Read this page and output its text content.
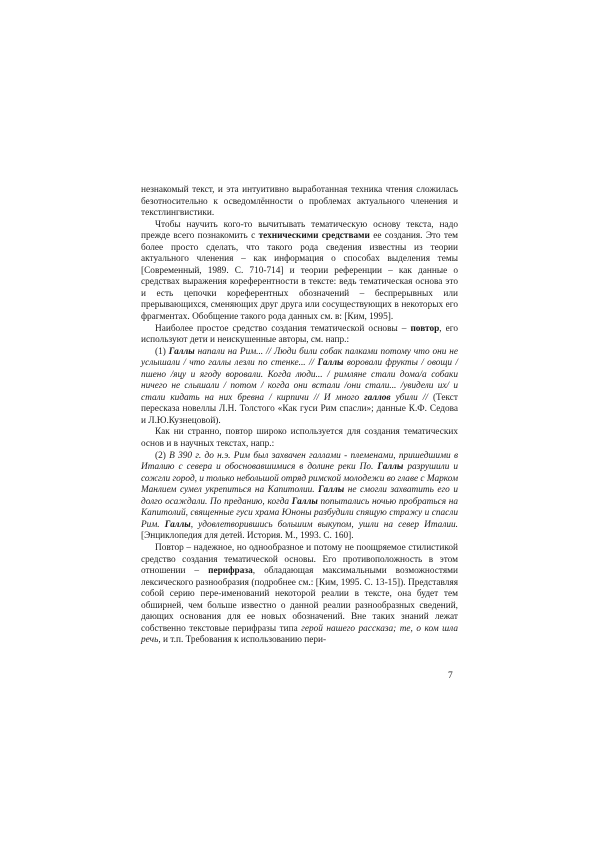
незнакомый текст, и эта интуитивно выработанная техника чтения сложилась безотносительно к осведомлённости о проблемах актуального членения и текстлингвистики.

Чтобы научить кого-то вычитывать тематическую основу текста, надо прежде всего познакомить с техническими средствами ее создания. Это тем более просто сделать, что такого рода сведения известны из теории актуального членения – как информация о способах выделения темы [Современный, 1989. С. 710-714] и теории референции – как данные о средствах выражения кореферентности в тексте: ведь тематическая основа это и есть цепочки кореферентных обозначений – беспрерывных или прерывающихся, сменяющих друг друга или сосуществующих в некоторых его фрагментах. Обобщение такого рода данных см. в: [Ким, 1995].

Наиболее простое средство создания тематической основы – повтор, его используют дети и неискушенные авторы, см. напр.:

(1) Галлы напали на Рим... // Люди били собак палками потому что они не услышали / что галлы лезли по стенке... // Галлы воровали фрукты / овощи /пшено /яцу и ягоду воровали. Когда люди... / римляне стали дома/а собаки ничего не слышали / потом / когда они встали /они стали... /увидели их/ и стали кидать на них бревна / кирпичи // И много галлов убили // (Текст пересказа новеллы Л.Н. Толстого «Как гуси Рим спасли»; данные К.Ф. Седова и Л.Ю.Кузнецовой).

Как ни странно, повтор широко используется для создания тематических основ и в научных текстах, напр.:

(2) В 390 г. до н.э. Рим был захвачен галлами - племенами, пришедшими в Италию с севера и обосновавшимися в долине реки По. Галлы разрушили и сожгли город, и только небольшой отряд римской молодежи во главе с Марком Манлием сумел укрепиться на Капитолии. Галлы не смогли захватить его и долго осаждали. По преданию, когда Галлы попытались ночью пробраться на Капитолий, священные гуси храма Юноны разбудили спящую стражу и спасли Рим. Галлы, удовлетворившись большим выкупом, ушли на север Италии. [Энциклопедия для детей. История. М., 1993. С. 160].

Повтор – надежное, но однообразное и потому не поощряемое стилистикой средство создания тематической основы. Его противоположность в этом отношении – перифраза, обладающая максимальными возможностями лексического разнообразия (подробнее см.: [Ким, 1995. С. 13-15]). Представляя собой серию пере-именований некоторой реалии в тексте, она будет тем обширней, чем больше известно о данной реалии разнообразных сведений, дающих основания для ее новых обозначений. Вне таких знаний лежат собственно текстовые перифразы типа герой нашего рассказа; те, о ком шла речь, и т.п. Требования к использованию пери-

7
